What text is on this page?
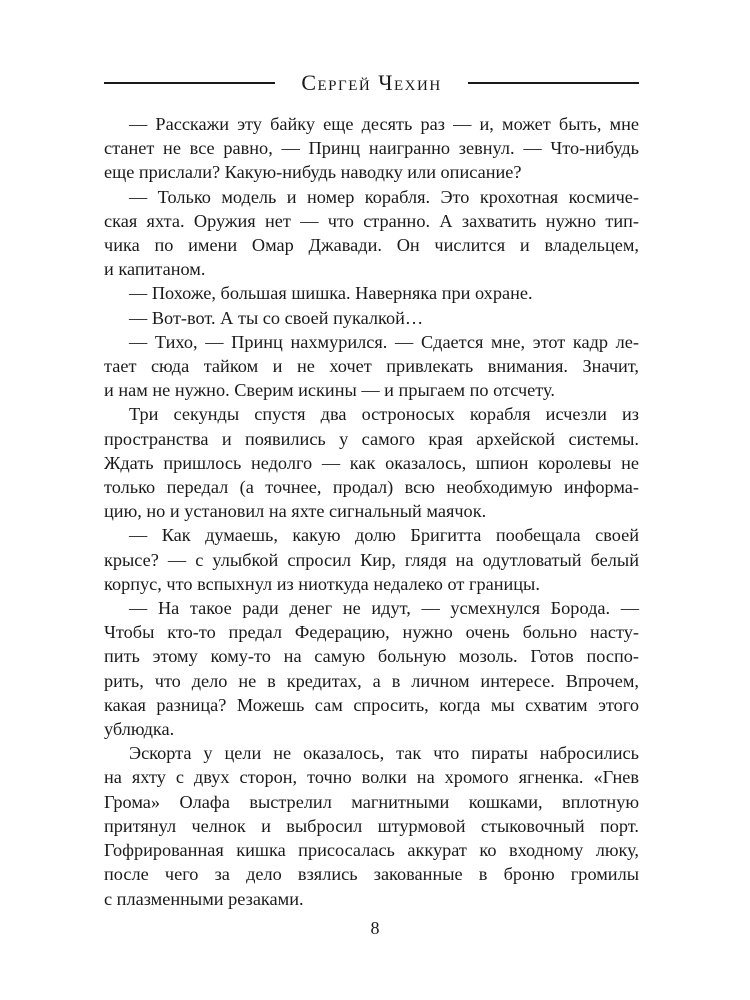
Сергей Чехин

— Расскажи эту байку еще десять раз — и, может быть, мне
станет не все равно, — Принц наигранно зевнул. — Что-нибудь
еще прислали? Какую-нибудь наводку или описание?

— Только модель и номер корабля. Это крохотная космиче-
ская яхта. Оружия нет — что странно. А захватить нужно тип-
чика по имени Омар Джавади. Он числится и владельцем,
и капитаном.

— Похоже, большая шишка. Наверняка при охране.

— Вот-вот. А ты со своей пукалкой…

— Тихо, — Принц нахмурился. — Сдается мне, этот кадр ле-
тает сюда тайком и не хочет привлекать внимания. Значит,
и нам не нужно. Сверим искины — и прыгаем по отсчету.

Три секунды спустя два остроносых корабля исчезли из
пространства и появились у самого края архейской системы.
Ждать пришлось недолго — как оказалось, шпион королевы не
только передал (а точнее, продал) всю необходимую информа-
цию, но и установил на яхте сигнальный маячок.

— Как думаешь, какую долю Бригитта пообещала своей
крысе? — с улыбкой спросил Кир, глядя на одутловатый белый
корпус, что вспыхнул из ниоткуда недалеко от границы.

— На такое ради денег не идут, — усмехнулся Борода. —
Чтобы кто-то предал Федерацию, нужно очень больно насту-
пить этому кому-то на самую больную мозоль. Готов поспо-
рить, что дело не в кредитах, а в личном интересе. Впрочем,
какая разница? Можешь сам спросить, когда мы схватим этого
ублюдка.

Эскорта у цели не оказалось, так что пираты набросились
на яхту с двух сторон, точно волки на хромого ягненка. «Гнев
Грома» Олафа выстрелил магнитными кошками, вплотную
притянул челнок и выбросил штурмовой стыковочный порт.
Гофрированная кишка присосалась аккурат ко входному люку,
после чего за дело взялись закованные в броню громилы
с плазменными резаками.

8
